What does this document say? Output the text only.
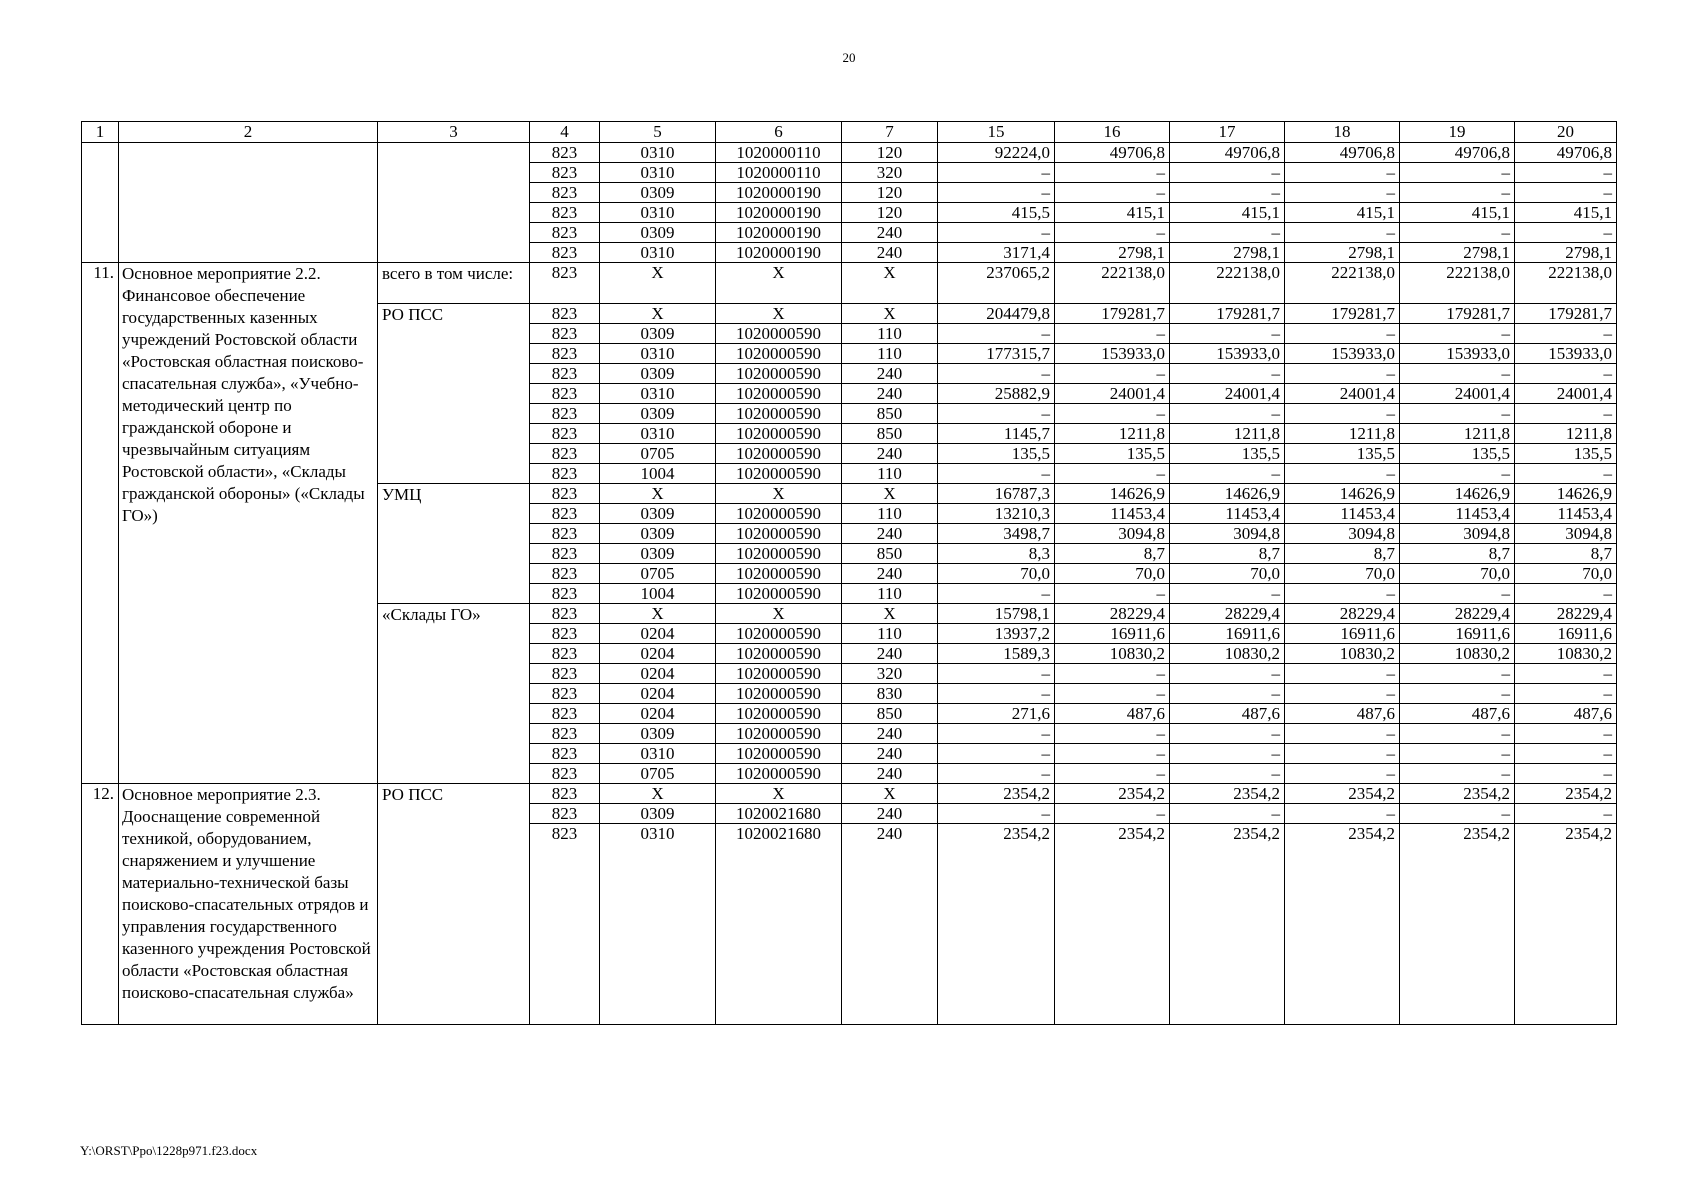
20
1	2	3	4	5	6	7	15	16	17	18	19	20
			823	0310	1020000110	120	92224,0	49706,8	49706,8	49706,8	49706,8	49706,8
			823	0310	1020000110	320	–	–	–	–	–	–
			823	0309	1020000190	120	–	–	–	–	–	–
			823	0310	1020000190	120	415,5	415,1	415,1	415,1	415,1	415,1
			823	0309	1020000190	240	–	–	–	–	–	–
			823	0310	1020000190	240	3171,4	2798,1	2798,1	2798,1	2798,1	2798,1
11.	Основное мероприятие 2.2. Финансовое обеспечение государственных казенных учреждений Ростовской области «Ростовская областная поисково-спасательная служба», «Учебно-методический центр по гражданской обороне и чрезвычайным ситуациям Ростовской области», «Склады гражданской обороны» («Склады ГО»)	всего в том числе:	823	Х	Х	Х	237065,2	222138,0	222138,0	222138,0	222138,0	222138,0
		РО ПСС	823	Х	Х	Х	204479,8	179281,7	179281,7	179281,7	179281,7	179281,7
			823	0309	1020000590	110	–	–	–	–	–	–
			823	0310	1020000590	110	177315,7	153933,0	153933,0	153933,0	153933,0	153933,0
			823	0309	1020000590	240	–	–	–	–	–	–
			823	0310	1020000590	240	25882,9	24001,4	24001,4	24001,4	24001,4	24001,4
			823	0309	1020000590	850	–	–	–	–	–	–
			823	0310	1020000590	850	1145,7	1211,8	1211,8	1211,8	1211,8	1211,8
			823	0705	1020000590	240	135,5	135,5	135,5	135,5	135,5	135,5
			823	1004	1020000590	110	–	–	–	–	–	–
		УМЦ	823	Х	Х	Х	16787,3	14626,9	14626,9	14626,9	14626,9	14626,9
			823	0309	1020000590	110	13210,3	11453,4	11453,4	11453,4	11453,4	11453,4
			823	0309	1020000590	240	3498,7	3094,8	3094,8	3094,8	3094,8	3094,8
			823	0309	1020000590	850	8,3	8,7	8,7	8,7	8,7	8,7
			823	0705	1020000590	240	70,0	70,0	70,0	70,0	70,0	70,0
			823	1004	1020000590	110	–	–	–	–	–	–
		«Склады ГО»	823	Х	Х	Х	15798,1	28229,4	28229,4	28229,4	28229,4	28229,4
			823	0204	1020000590	110	13937,2	16911,6	16911,6	16911,6	16911,6	16911,6
			823	0204	1020000590	240	1589,3	10830,2	10830,2	10830,2	10830,2	10830,2
			823	0204	1020000590	320	–	–	–	–	–	–
			823	0204	1020000590	830	–	–	–	–	–	–
			823	0204	1020000590	850	271,6	487,6	487,6	487,6	487,6	487,6
			823	0309	1020000590	240	–	–	–	–	–	–
			823	0310	1020000590	240	–	–	–	–	–	–
			823	0705	1020000590	240	–	–	–	–	–	–
12.	Основное мероприятие 2.3. Дооснащение современной техникой, оборудованием, снаряжением и улучшение материально-технической базы поисково-спасательных отрядов и управления государственного казенного учреждения Ростовской области «Ростовская областная поисково-спасательная служба»	РО ПСС	823	Х	Х	Х	2354,2	2354,2	2354,2	2354,2	2354,2	2354,2
			823	0309	1020021680	240	–	–	–	–	–	–
			823	0310	1020021680	240	2354,2	2354,2	2354,2	2354,2	2354,2	2354,2
Y:\ORST\Ppo\1228p971.f23.docx
